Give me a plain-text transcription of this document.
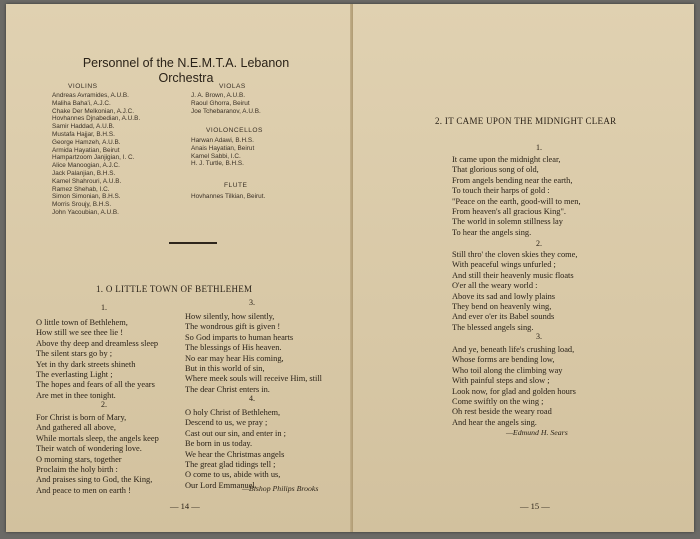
Personnel of the N.E.M.T.A. Lebanon
Orchestra
VIOLINS
Andreas Avramides, A.U.B.
Maliha Baha'i, A.J.C.
Chake Der Melkonian, A.J.C.
Hovhannes Djnabedian, A.U.B.
Samir Haddad, A.U.B.
Mustafa Hajjar, B.H.S.
George Hamzeh, A.U.B.
Armida Hayatian, Beirut
Hampartzoom Janjigian, I. C.
Alice Manoogian, A.J.C.
Jack Palanjian, B.H.S.
Kamel Shahrouri, A.U.B.
Ramez Shehab, I.C.
Simon Simonian, B.H.S.
Morris Sroujy, B.H.S.
John Yacoubian, A.U.B.
VIOLAS
J. A. Brown, A.U.B.
Raoul Ghorra, Beirut
Joe Tchebaranov, A.U.B.
VIOLONCELLOS
Harwan Adawi, B.H.S.
Anais Hayatian, Beirut
Kamel Sabbi, I.C.
H. J. Turtle, B.H.S.
FLUTE
Hovhannes Tilkian, Beirut.
1. O LITTLE TOWN OF BETHLEHEM
1.
O little town of Bethlehem,
How still we see thee lie !
Above thy deep and dreamless sleep
The silent stars go by ;
Yet in thy dark streets shineth
The everlasting Light ;
The hopes and fears of all the years
Are met in thee tonight.
2.
For Christ is born of Mary,
And gathered all above,
While mortals sleep, the angels keep
Their watch of wondering love.
O morning stars, together
Proclaim the holy birth :
And praises sing to God, the King,
And peace to men on earth !
3.
How silently, how silently,
The wondrous gift is given !
So God imparts to human hearts
The blessings of His heaven.
No ear may hear His coming,
But in this world of sin,
Where meek souls will receive Him, still
The dear Christ enters in.
4.
O holy Christ of Bethlehem,
Descend to us, we pray ;
Cast out our sin, and enter in ;
Be born in us today.
We hear the Christmas angels
The great glad tidings tell ;
O come to us, abide with us,
Our Lord Emmanuel.
—Bishop Philips Brooks
— 14 —
2. IT CAME UPON THE MIDNIGHT CLEAR
1.
It came upon the midnight clear,
That glorious song of old,
From angels bending near the earth,
To touch their harps of gold :
"Peace on the earth, good-will to men,
From heaven's all gracious King".
The world in solemn stillness lay
To hear the angels sing.
2.
Still thro' the cloven skies they come,
With peaceful wings unfurled ;
And still their heavenly music floats
O'er all the weary world :
Above its sad and lowly plains
They bend on heavenly wing,
And ever o'er its Babel sounds
The blessed angels sing.
3.
And ye, beneath life's crushing load,
Whose forms are bending low,
Who toil along the climbing way
With painful steps and slow ;
Look now, for glad and golden hours
Come swiftly on the wing ;
Oh rest beside the weary road
And hear the angels sing.
—Edmund H. Sears
— 15 —
